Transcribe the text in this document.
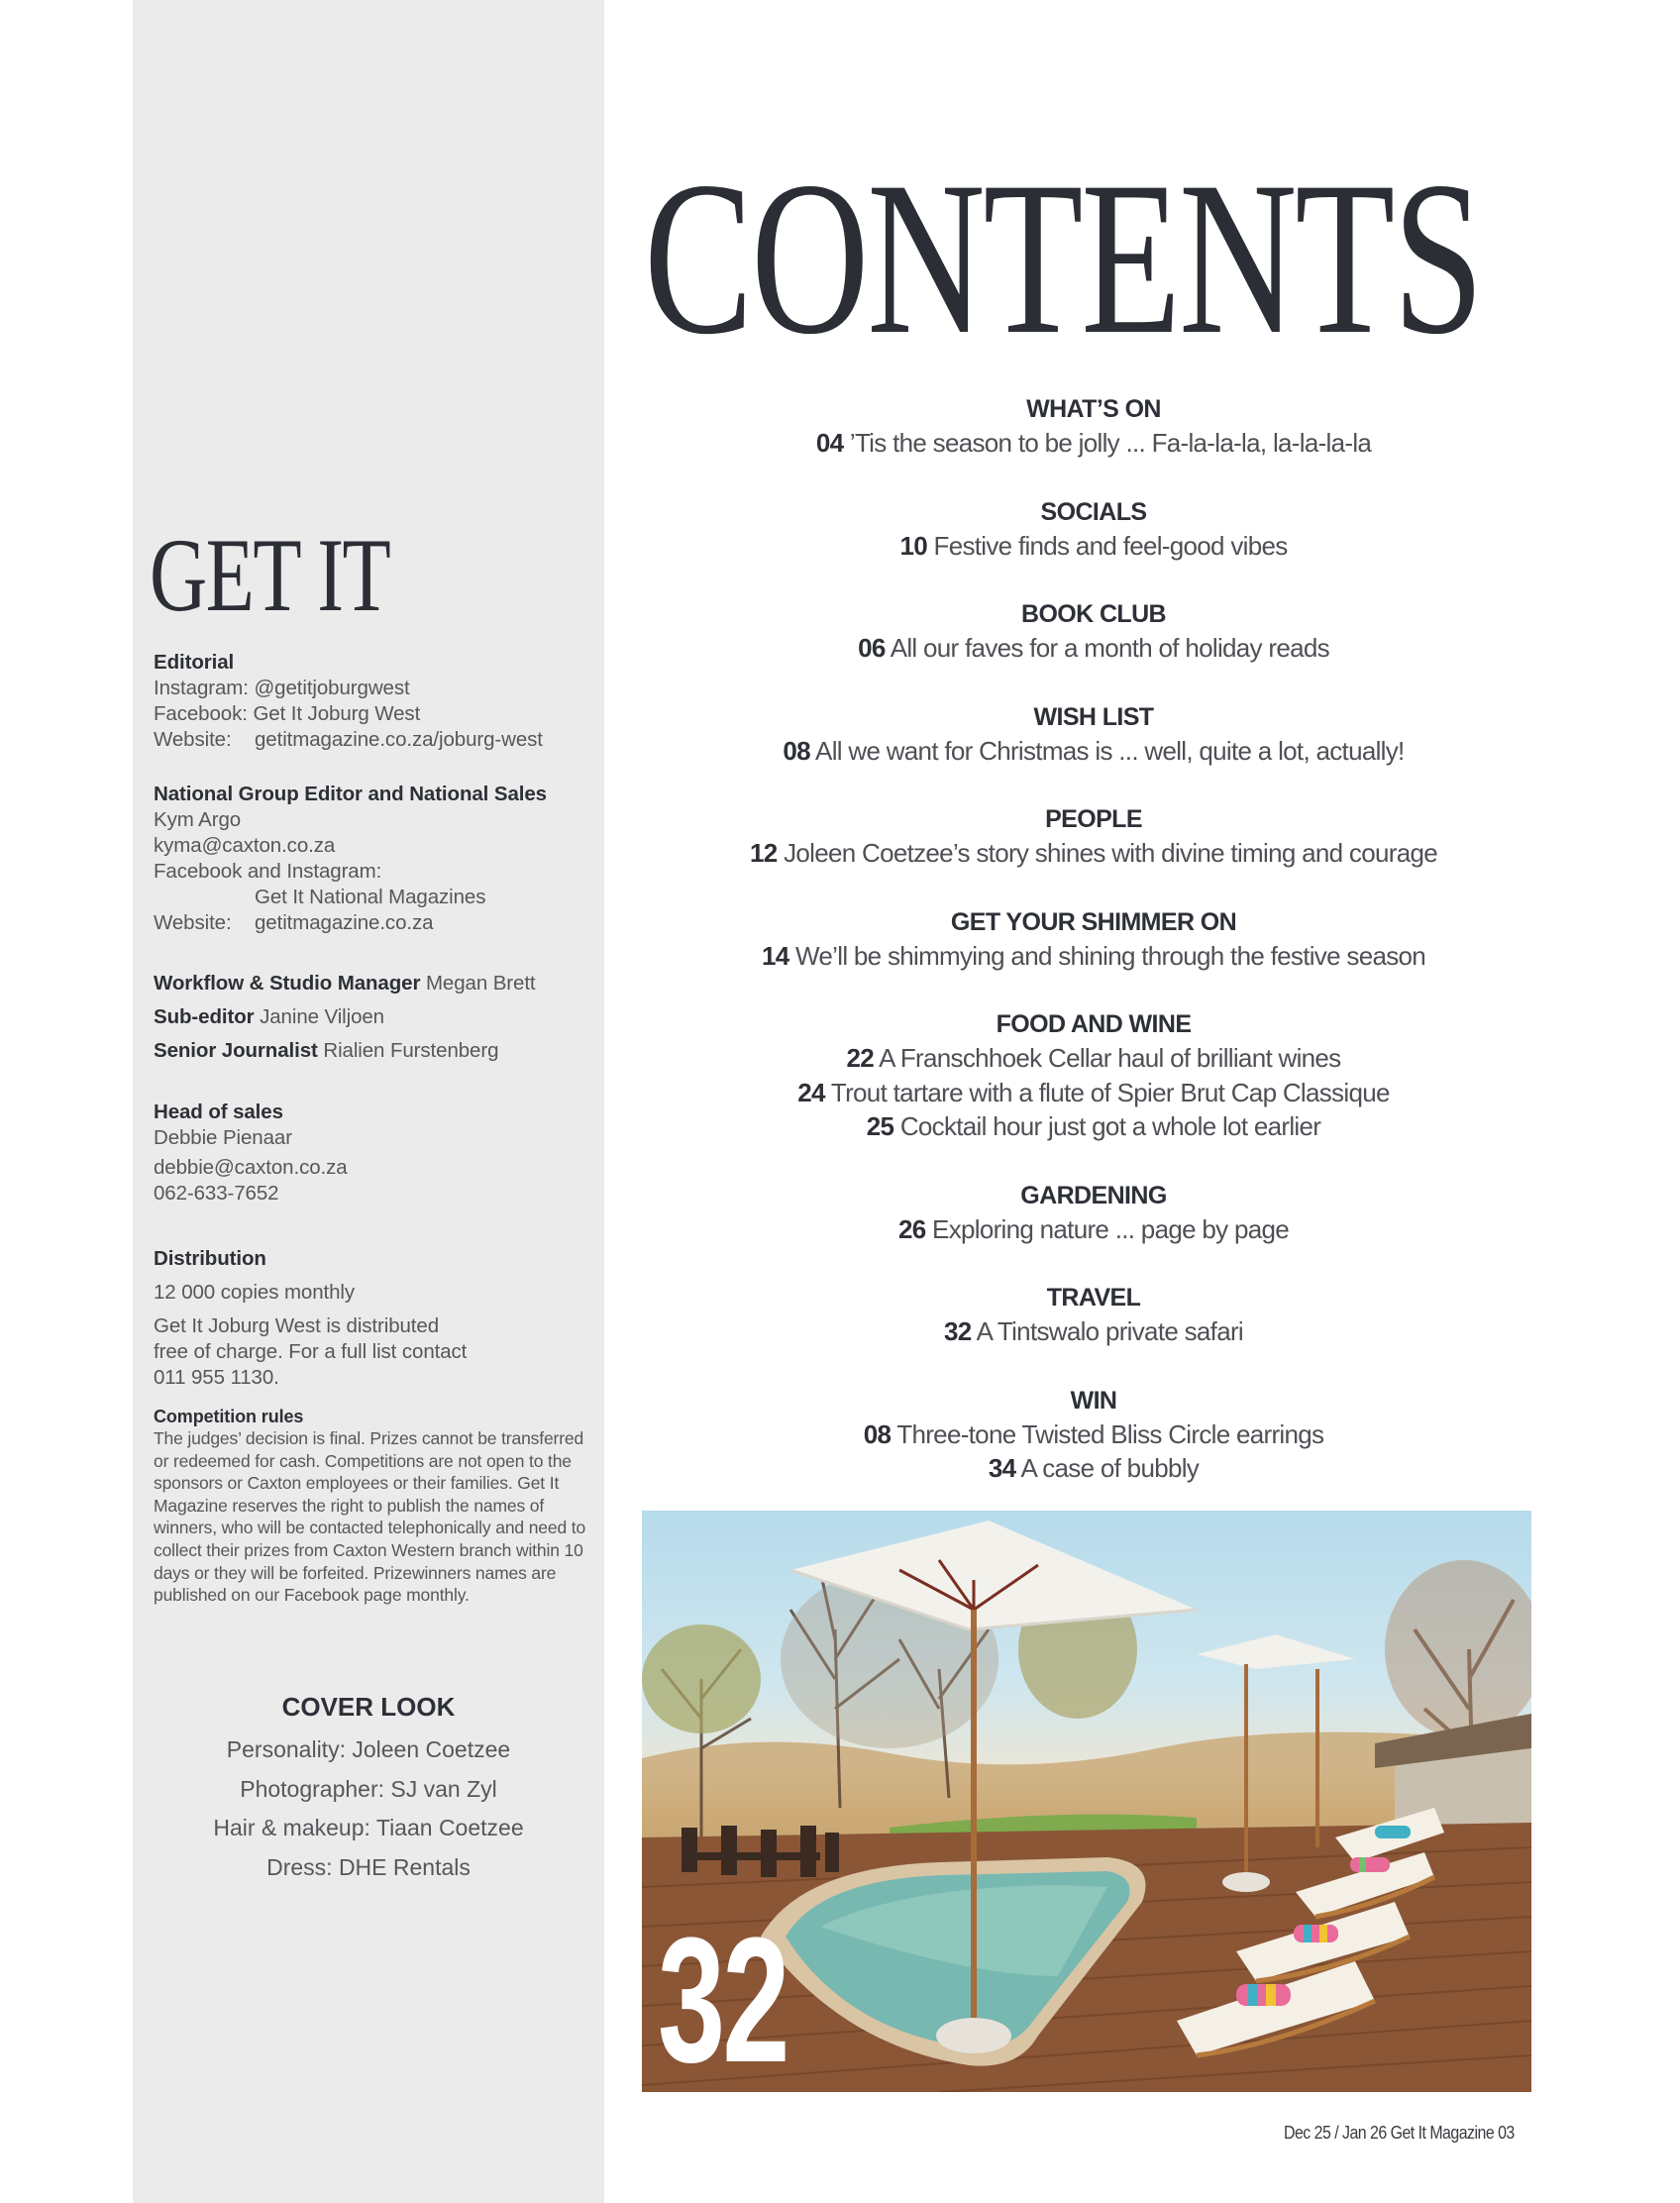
GET IT
Editorial
Instagram: @getitjoburgwest
Facebook: Get It Joburg West
Website: getitmagazine.co.za/joburg-west
National Group Editor and National Sales
Kym Argo
kyma@caxton.co.za
Facebook and Instagram:
Get It National Magazines
Website: getitmagazine.co.za
Workflow & Studio Manager Megan Brett
Sub-editor Janine Viljoen
Senior Journalist Rialien Furstenberg
Head of sales
Debbie Pienaar
debbie@caxton.co.za
062-633-7652
Distribution
12 000 copies monthly
Get It Joburg West is distributed
free of charge. For a full list contact
011 955 1130.
Competition rules
The judges’ decision is final. Prizes cannot be transferred or redeemed for cash. Competitions are not open to the sponsors or Caxton employees or their families. Get It Magazine reserves the right to publish the names of winners, who will be contacted telephonically and need to collect their prizes from Caxton Western branch within 10 days or they will be forfeited. Prizewinners names are published on our Facebook page monthly.
COVER LOOK
Personality: Joleen Coetzee
Photographer: SJ van Zyl
Hair & makeup: Tiaan Coetzee
Dress: DHE Rentals
CONTENTS
WHAT’S ON
04 ’Tis the season to be jolly ... Fa-la-la-la, la-la-la-la
SOCIALS
10 Festive finds and feel-good vibes
BOOK CLUB
06 All our faves for a month of holiday reads
WISH LIST
08 All we want for Christmas is ... well, quite a lot, actually!
PEOPLE
12 Joleen Coetzee’s story shines with divine timing and courage
GET YOUR SHIMMER ON
14 We’ll be shimmying and shining through the festive season
FOOD AND WINE
22 A Franschhoek Cellar haul of brilliant wines
24 Trout tartare with a flute of Spier Brut Cap Classique
25 Cocktail hour just got a whole lot earlier
GARDENING
26 Exploring nature ... page by page
TRAVEL
32 A Tintswalo private safari
WIN
08 Three-tone Twisted Bliss Circle earrings
34 A case of bubbly
32
Dec 25 / Jan 26 Get It Magazine 03
